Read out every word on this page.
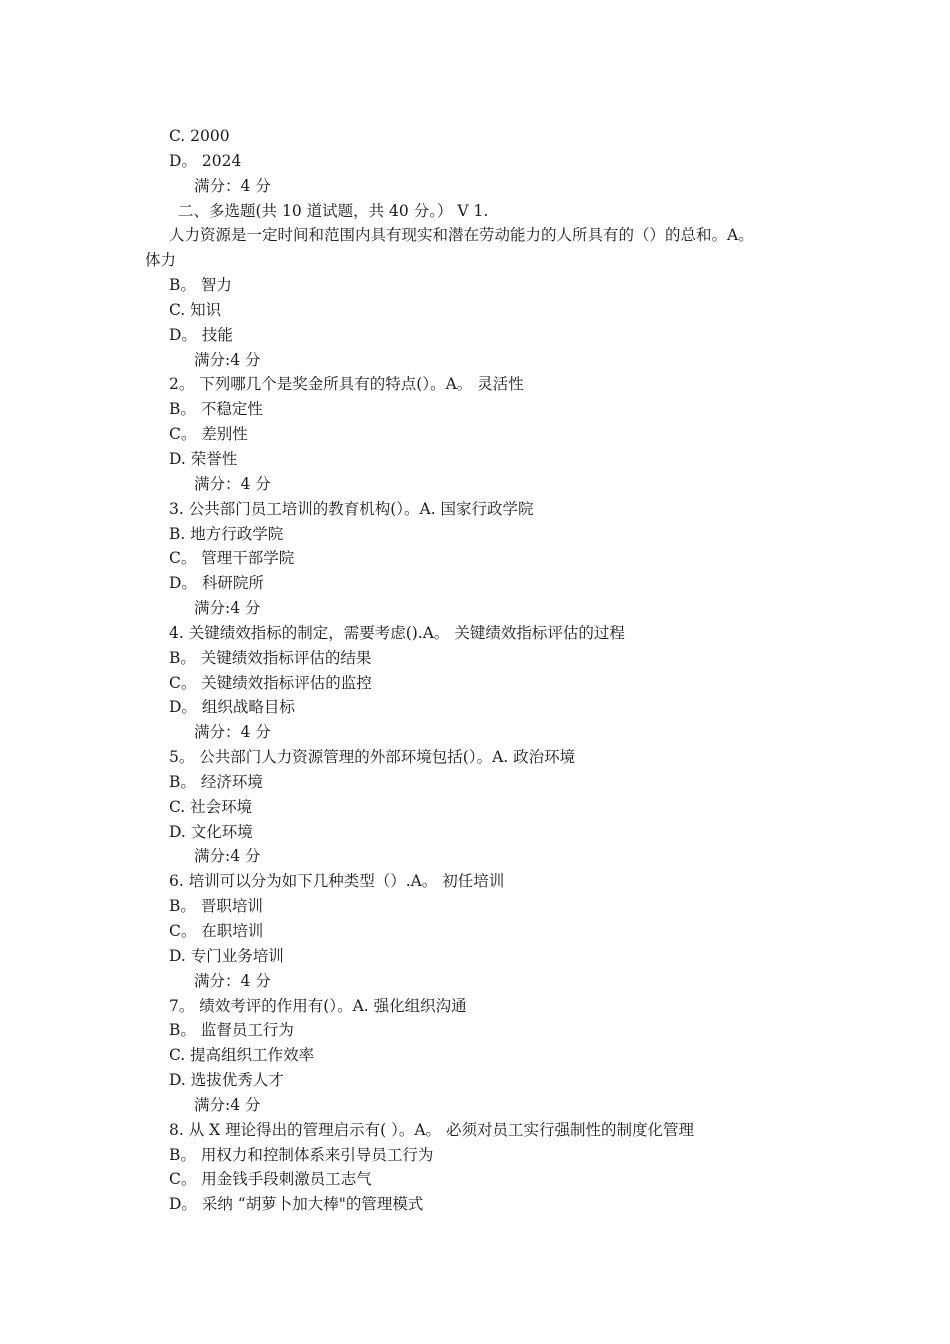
C. 2000
D。 2024
满分：4 分
二、多选题(共 10 道试题，共 40 分。） V 1.
人力资源是一定时间和范围内具有现实和潜在劳动能力的人所具有的（）的总和。A。
体力
B。 智力
C. 知识
D。 技能
满分:4 分
2。 下列哪几个是奖金所具有的特点(）。A。 灵活性
B。 不稳定性
C。 差别性
D. 荣誉性
满分：4 分
3. 公共部门员工培训的教育机构(）。A. 国家行政学院
B. 地方行政学院
C。 管理干部学院
D。 科研院所
满分:4 分
4. 关键绩效指标的制定，需要考虑().A。 关键绩效指标评估的过程
B。 关键绩效指标评估的结果
C。 关键绩效指标评估的监控
D。 组织战略目标
满分：4 分
5。 公共部门人力资源管理的外部环境包括(）。A. 政治环境
B。 经济环境
C. 社会环境
D. 文化环境
满分:4 分
6. 培训可以分为如下几种类型（）.A。 初任培训
B。 晋职培训
C。 在职培训
D. 专门业务培训
满分：4 分
7。 绩效考评的作用有(）。A. 强化组织沟通
B。 监督员工行为
C. 提高组织工作效率
D. 选拔优秀人才
满分:4 分
8. 从 X 理论得出的管理启示有( ）。A。 必须对员工实行强制性的制度化管理
B。 用权力和控制体系来引导员工行为
C。 用金钱手段刺激员工志气
D。 采纳 “胡萝卜加大棒"的管理模式
